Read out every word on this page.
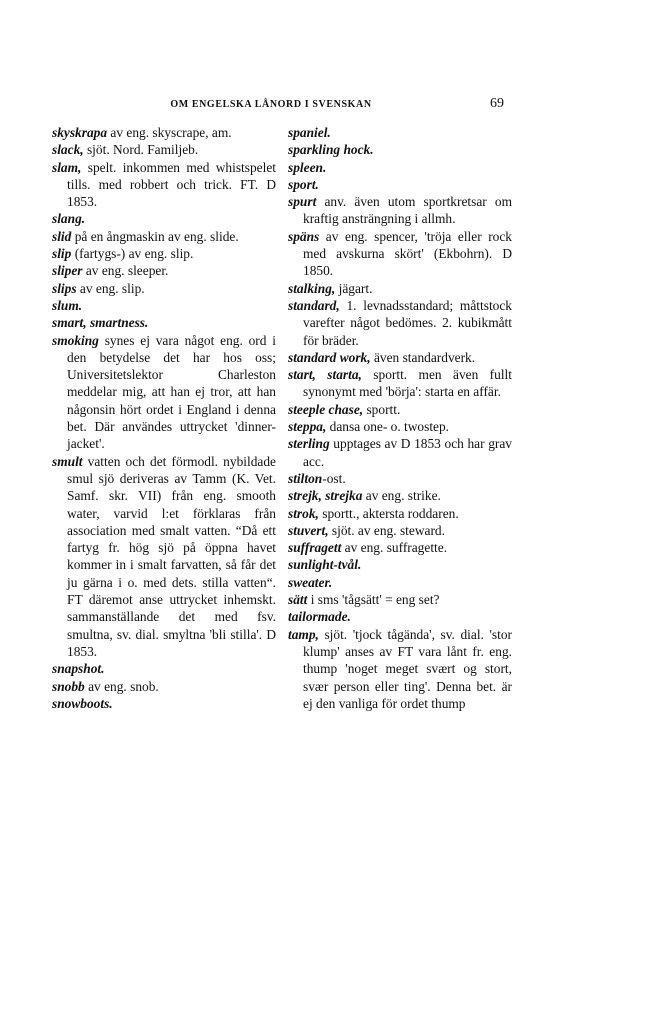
OM ENGELSKA LÅNORD I SVENSKAN	69

skyskrapa av eng. skyscrape, am.

slack, sjöt. Nord. Familjeb.

slam, spelt. inkommen med whistspelet tills. med robbert och trick. FT. D 1853.

slang.

slid på en ångmaskin av eng. slide.

slip (fartygs-) av eng. slip.

sliper av eng. sleeper.

slips av eng. slip.

slum.

smart, smartness.

smoking synes ej vara något eng. ord i den betydelse det har hos oss; Universitetslektor Charleston meddelar mig, att han ej tror, att han någonsin hört ordet i England i denna bet. Där användes uttrycket 'dinner-jacket'.

smult vatten och det förmodl. nybildade smul sjö deriveras av Tamm (K. Vet. Samf. skr. VII) från eng. smooth water, varvid l:et förklaras från association med smalt vatten. “Då ett fartyg fr. hög sjö på öppna havet kommer in i smalt farvatten, så får det ju gärna i o. med dets. stilla vatten“. FT däremot anse uttrycket inhemskt. sammanställande det med fsv. smultna, sv. dial. smyltna 'bli stilla'. D 1853.

snapshot.

snobb av eng. snob.

snowboots.

spaniel.

sparkling hock.

spleen.

sport.

spurt anv. även utom sportkretsar om kraftig ansträngning i allmh.

späns av eng. spencer, 'tröja eller rock med avskurna skört' (Ekbohrn). D 1850.

stalking, jägart.

standard, 1. levnadsstandard; måttstock varefter något bedömes. 2. kubikmått för bräder.

standard work, även standardverk.

start, starta, sportt. men även fullt synonymt med 'börja': starta en affär.

steeple chase, sportt.

steppa, dansa one- o. twostep.

sterling upptages av D 1853 och har grav acc.

stilton-ost.

strejk, strejka av eng. strike.

strok, sportt., aktersta roddaren.

stuvert, sjöt. av eng. steward.

suffragett av eng. suffragette.

sunlight-tvål.

sweater.

sätt i sms 'tågsätt' = eng set?

tailormade.

tamp, sjöt. 'tjock tågända', sv. dial. 'stor klump' anses av FT vara lånt fr. eng. thump 'noget meget svært og stort, svær person eller ting'. Denna bet. är ej den vanliga för ordet thump
